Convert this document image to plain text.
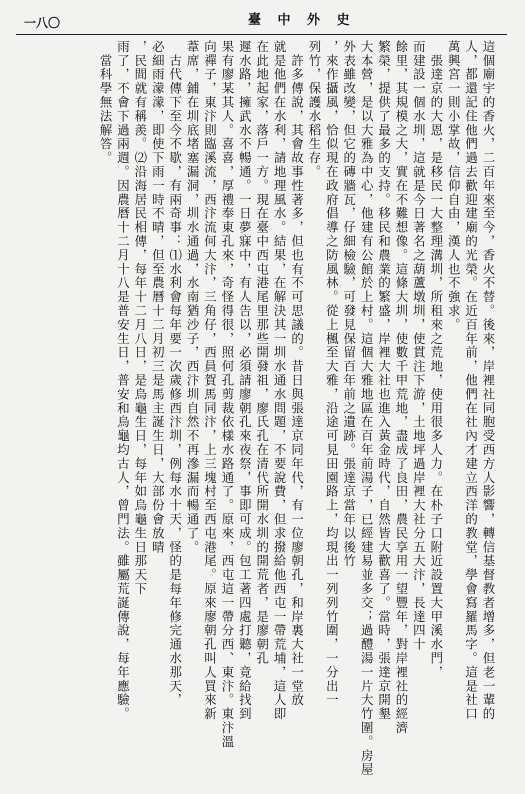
一八〇	臺 中 外 史
這個廟宇的香火，二百年來至今，香火不替。後來，岸裡社同胞受西方人影響，轉信基督教者增多，但老一輩的
人，都還記住他們過去歡迎建廟的光榮。在近百年前，他們在社內才建立西洋的教堂，學會寫羅馬字。這是社口
萬興宮一則小掌故，信仰自由，漢人也不強求。
　張達京的大恩，是移民一大整理溝圳，所租來之荒地，使用很多人力。在朴子口附近設置大甲溪水門，
而建設一個水圳，這就是今日著名之葫蘆墩圳，使貫注下游，土地坪過岸裡大社分五大汴，長達四十
餘里，其規模之大，實在不難想像。這條大圳，使數千甲荒地，盡成了良田，農民享用一望豐年，對岸裡社的經濟
繁榮，提供了最多的支持。移民和農業的繁盛，岸裡大社也進入黃金時代，自然皆大歡喜了。當時，張達京開墾
大本營，是以大雅為中心，他建有公館於上村。這個大雅地區在百年前湯子，已經建易並多交；過醴湯一片大竹圍。房屋
外表雖改變，但它的磚牆瓦，仔細檢驗，可發見保留百年前之遺跡。張達京當年以後竹
，來作攝風，恰似現在政府倡導之防風林。從上楓至大雅，沿途可見田園路上，均現出一列列竹圍，一分出一
列竹，保護水稻生存。
　許多傳說，其會故事性著多，但也有不可思議的。昔日與張達京同年代，有一位廖朝孔，和岸裏大社一堂放
就是他們在水利，請地理風水。結果，在解決其一圳水通水問題，不要說費，但求撥給他西屯一帶荒埔，這人即
在此地起家，落戶一方。現在臺中西屯港尾里那些開發祖，廖氏孔在清代所開水圳的開荒者，是廖朝孔
遲水路，擁武水不暢通。一日夢寐中，有人告以，必須請廖朝孔來夜祭，事即可成。包工著四處打聽，竟給找到
果有廖某其人。喜喜，厚禮奉東孔來，奇怪得很，照何孔剪裁依樣水路通了。原來，西屯這一帶分西、東汴。東汴溫
向禪子，東汴則臨溪流，西汴流何大汴，三角仔，西員賀馬同汴，上三塊村至西屯港尾。原來廖朝孔叫人買來新
葦席，鋪在圳底堵塞漏洞，圳水通過，水南猶沙子，西汴圳自然不再滲漏而暢通了。
　古代傳下至今不歇，有兩奇事：⑴水利會每年要一次歲修西汴圳，例每水十天，怪的是每年修完通水那天，
必細雨濛濛，即使下雨一時不晴，但至農曆十二月初三是馬主誕生日，大部份會放晴
，民間就有稱羨。⑵沿海居民相傳，每年十二月八日，是烏龜生日，每年如烏龜生日那天下
雨了，不會下過兩週。因農曆十二月十八是普安生日，普安和烏龜均古人，曾門法。雖屬荒誕傳說，每年應驗。
　當科學無法解答。
